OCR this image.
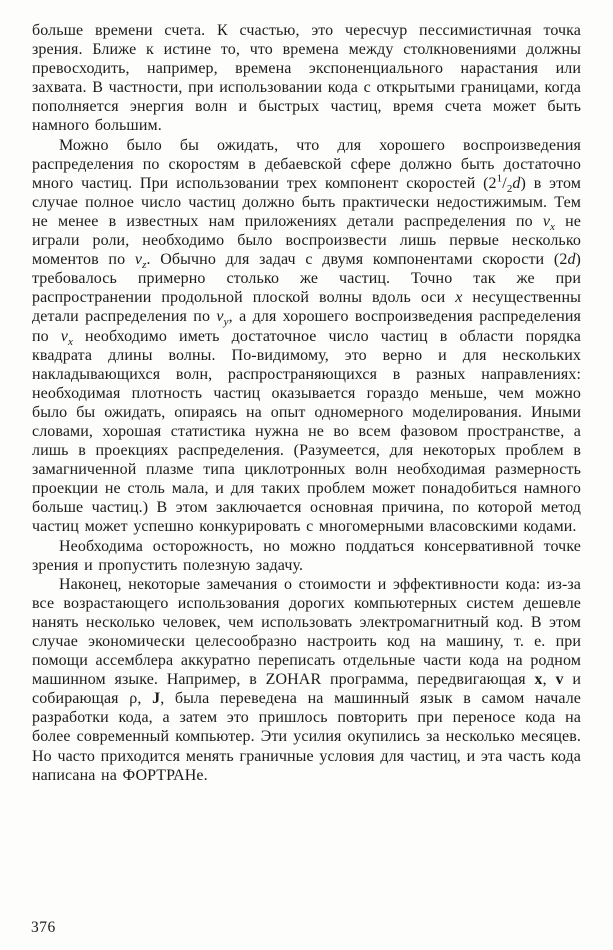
больше времени счета. К счастью, это чересчур пессимистичная точка зрения. Ближе к истине то, что времена между столкновениями должны превосходить, например, времена экспоненциального нарастания или захвата. В частности, при использовании кода с открытыми границами, когда пополняется энергия волн и быстрых частиц, время счета может быть намного большим.

Можно было бы ожидать, что для хорошего воспроизведения распределения по скоростям в дебаевской сфере должно быть достаточно много частиц. При использовании трех компонент скоростей $(2^1/_2d)$ в этом случае полное число частиц должно быть практически недостижимым. Тем не менее в известных нам приложениях детали распределения по $v_x$ не играли роли, необходимо было воспроизвести лишь первые несколько моментов по $v_z$. Обычно для задач с двумя компонентами скорости (2d) требовалось примерно столько же частиц. Точно так же при распространении продольной плоской волны вдоль оси x несущественны детали распределения по $v_y$, а для хорошего воспроизведения распределения по $v_x$ необходимо иметь достаточное число частиц в области порядка квадрата длины волны. По-видимому, это верно и для нескольких накладывающихся волн, распространяющихся в разных направлениях: необходимая плотность частиц оказывается гораздо меньше, чем можно было бы ожидать, опираясь на опыт одномерного моделирования. Иными словами, хорошая статистика нужна не во всем фазовом пространстве, а лишь в проекциях распределения. (Разумеется, для некоторых проблем в замагниченной плазме типа циклотронных волн необходимая размерность проекции не столь мала, и для таких проблем может понадобиться намного больше частиц.) В этом заключается основная причина, по которой метод частиц может успешно конкурировать с многомерными власовскими кодами.

Необходима осторожность, но можно поддаться консервативной точке зрения и пропустить полезную задачу.

Наконец, некоторые замечания о стоимости и эффективности кода: из-за все возрастающего использования дорогих компьютерных систем дешевле нанять несколько человек, чем использовать электромагнитный код. В этом случае экономически целесообразно настроить код на машину, т. е. при помощи ассемблера аккуратно переписать отдельные части кода на родном машинном языке. Например, в ZOHAR программа, передвигающая x, v и собирающая ρ, J, была переведена на машинный язык в самом начале разработки кода, а затем это пришлось повторить при переносе кода на более современный компьютер. Эти усилия окупились за несколько месяцев. Но часто приходится менять граничные условия для частиц, и эта часть кода написана на ФОРТРАНе.

376
